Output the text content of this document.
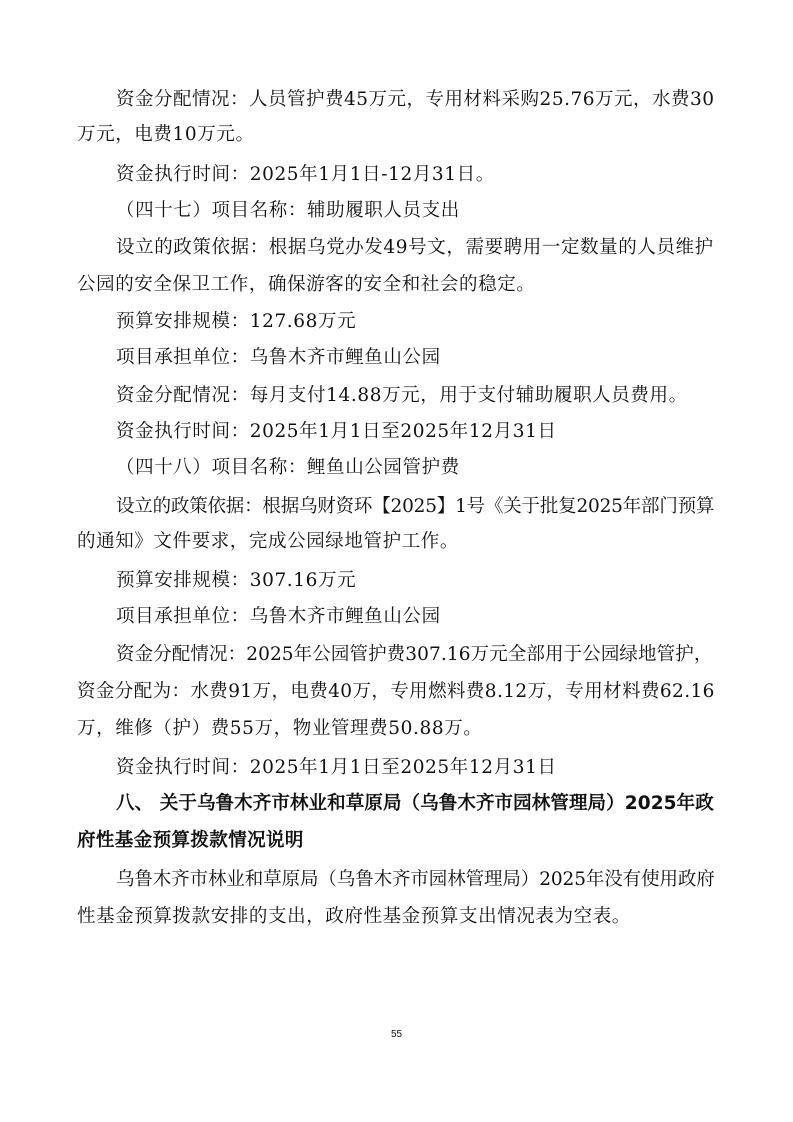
资金分配情况：人员管护费45万元，专用材料采购25.76万元，水费30
万元，电费10万元。
资金执行时间：2025年1月1日-12月31日。
（四十七）项目名称：辅助履职人员支出
设立的政策依据：根据乌党办发49号文，需要聘用一定数量的人员维护
公园的安全保卫工作，确保游客的安全和社会的稳定。
预算安排规模：127.68万元
项目承担单位：乌鲁木齐市鲤鱼山公园
资金分配情况：每月支付14.88万元，用于支付辅助履职人员费用。
资金执行时间：2025年1月1日至2025年12月31日
（四十八）项目名称：鲤鱼山公园管护费
设立的政策依据：根据乌财资环【2025】1号《关于批复2025年部门预算
的通知》文件要求，完成公园绿地管护工作。
预算安排规模：307.16万元
项目承担单位：乌鲁木齐市鲤鱼山公园
资金分配情况：2025年公园管护费307.16万元全部用于公园绿地管护，
资金分配为：水费91万，电费40万，专用燃料费8.12万，专用材料费62.16
万，维修（护）费55万，物业管理费50.88万。
资金执行时间：2025年1月1日至2025年12月31日
八、 关于乌鲁木齐市林业和草原局（乌鲁木齐市园林管理局）2025年政
府性基金预算拨款情况说明
乌鲁木齐市林业和草原局（乌鲁木齐市园林管理局）2025年没有使用政府
性基金预算拨款安排的支出，政府性基金预算支出情况表为空表。
55
